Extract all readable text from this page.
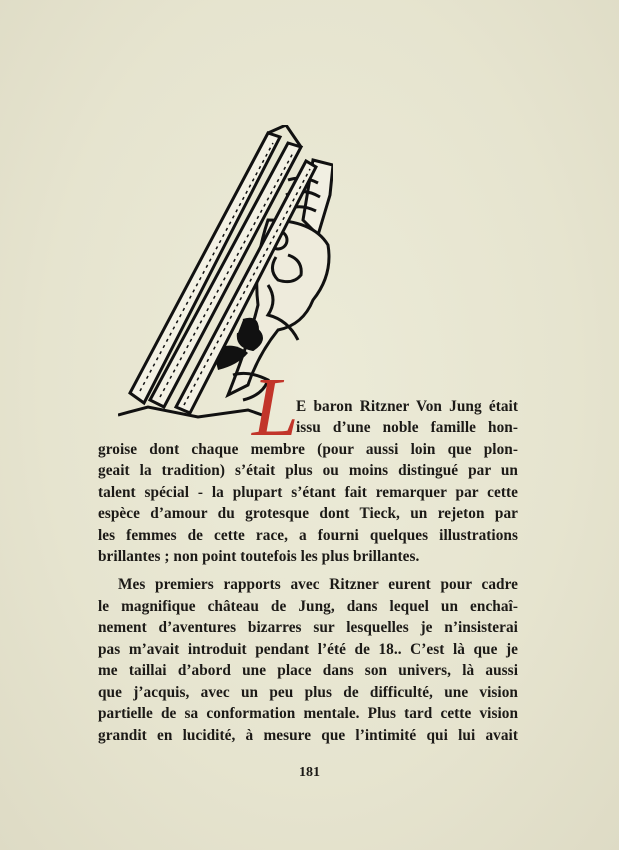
L
E baron Ritzner Von Jung était
issu d’une noble famille hon-
groise dont chaque membre (pour aussi loin que plon-
geait la tradition) s’était plus ou moins distingué par un
talent spécial - la plupart s’étant fait remarquer par cette
espèce d’amour du grotesque dont Tieck, un rejeton par
les femmes de cette race, a fourni quelques illustrations
brillantes ; non point toutefois les plus brillantes.
Mes premiers rapports avec Ritzner eurent pour cadre
le magnifique château de Jung, dans lequel un enchaî-
nement d’aventures bizarres sur lesquelles je n’insisterai
pas m’avait introduit pendant l’été de 18.. C’est là que je
me taillai d’abord une place dans son univers, là aussi
que j’acquis, avec un peu plus de difficulté, une vision
partielle de sa conformation mentale. Plus tard cette vision
grandit en lucidité, à mesure que l’intimité qui lui avait
181
